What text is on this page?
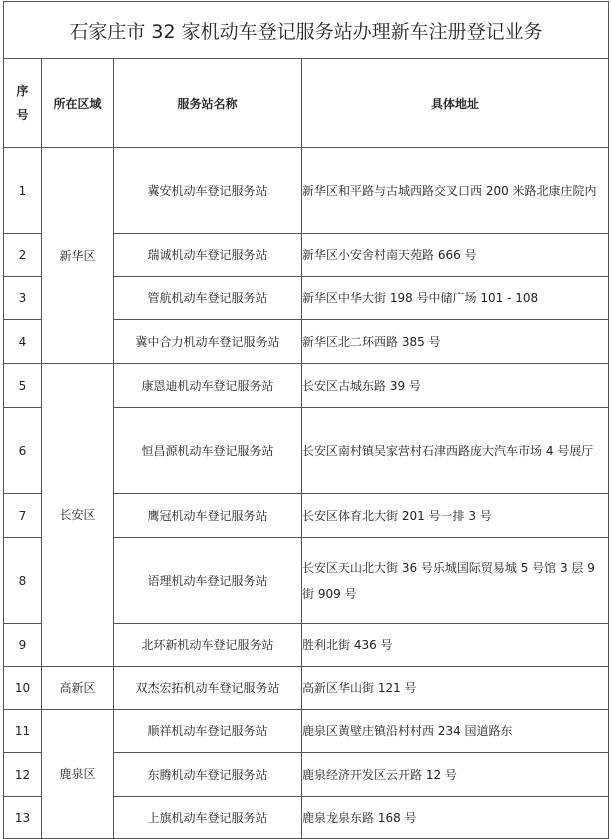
石家庄市 32 家机动车登记服务站办理新车注册登记业务			

序
号	所在区域	服务站名称	具体地址
1	新华区	冀安机动车登记服务站	新华区和平路与古城西路交叉口西 200 米路北康庄院内
2		瑞诚机动车登记服务站	新华区小安舍村南天苑路 666 号
3		管航机动车登记服务站	新华区中华大街 198 号中储广场 101 - 108
4		冀中合力机动车登记服务站	新华区北二环西路 385 号
5	长安区	康恩迪机动车登记服务站	长安区古城东路 39 号
6		恒昌源机动车登记服务站	长安区南村镇吴家营村石津西路庞大汽车市场 4 号展厅
7		鹰冠机动车登记服务站	长安区体育北大街 201 号一排 3 号
8		语理机动车登记服务站	长安区天山北大街 36 号乐城国际贸易城 5 号馆 3 层 9 街 909 号
9		北环新机动车登记服务站	胜利北街 436 号
10	高新区	双杰宏拓机动车登记服务站	高新区华山街 121 号
11	鹿泉区	顺祥机动车登记服务站	鹿泉区黄壁庄镇沿村村西 234 国道路东
12		东腾机动车登记服务站	鹿泉经济开发区云开路 12 号
13		上旗机动车登记服务站	鹿泉龙泉东路 168 号
